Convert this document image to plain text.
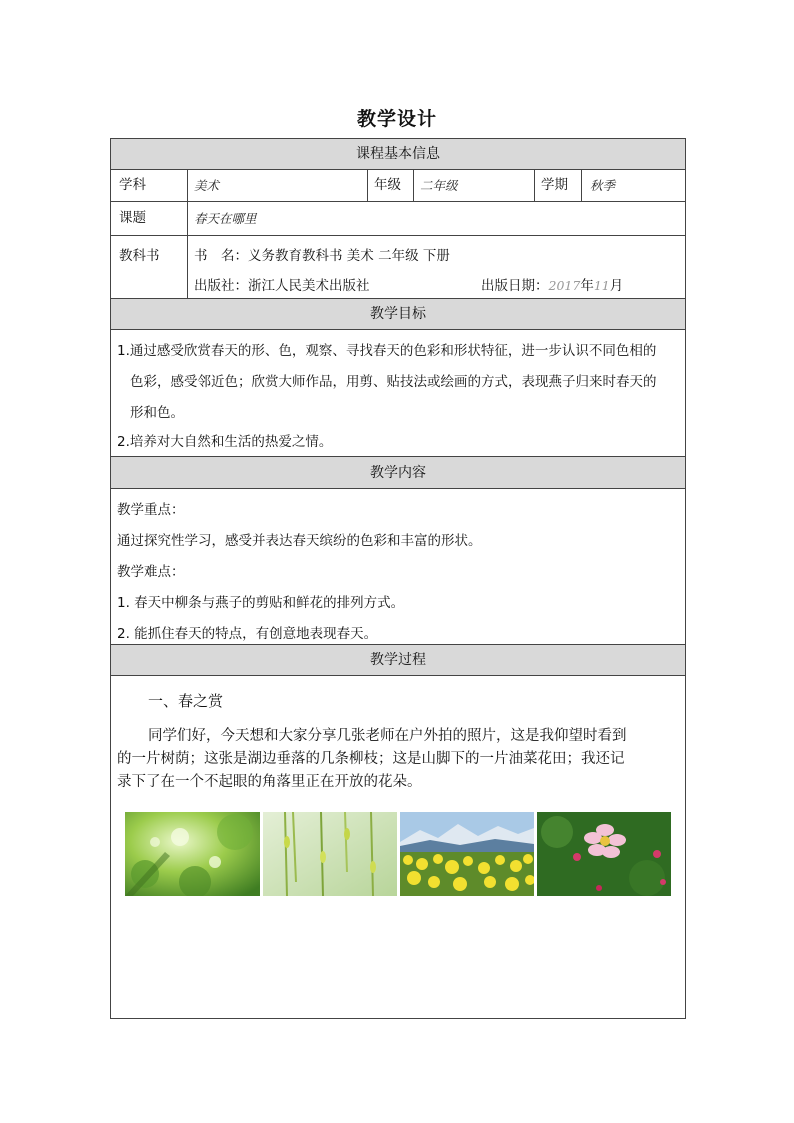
教学设计
课程基本信息
学科	美术	年级	二年级	学期	秋季
课题	春天在哪里
教科书	书　名：义务教育教科书 美术 二年级 下册
出版社：浙江人民美术出版社	出版日期：2017年11月
教学目标
1.通过感受欣赏春天的形、色，观察、寻找春天的色彩和形状特征，进一步认识不同色相的
色彩，感受邻近色；欣赏大师作品，用剪、贴技法或绘画的方式，表现燕子归来时春天的
形和色。
2.培养对大自然和生活的热爱之情。
教学内容
教学重点：
通过探究性学习，感受并表达春天缤纷的色彩和丰富的形状。
教学难点：
1. 春天中柳条与燕子的剪贴和鲜花的排列方式。
2. 能抓住春天的特点，有创意地表现春天。
教学过程
一、春之赏
同学们好，今天想和大家分享几张老师在户外拍的照片，这是我仰望时看到
的一片树荫；这张是湖边垂落的几条柳枝；这是山脚下的一片油菜花田；我还记
录下了在一个不起眼的角落里正在开放的花朵。
